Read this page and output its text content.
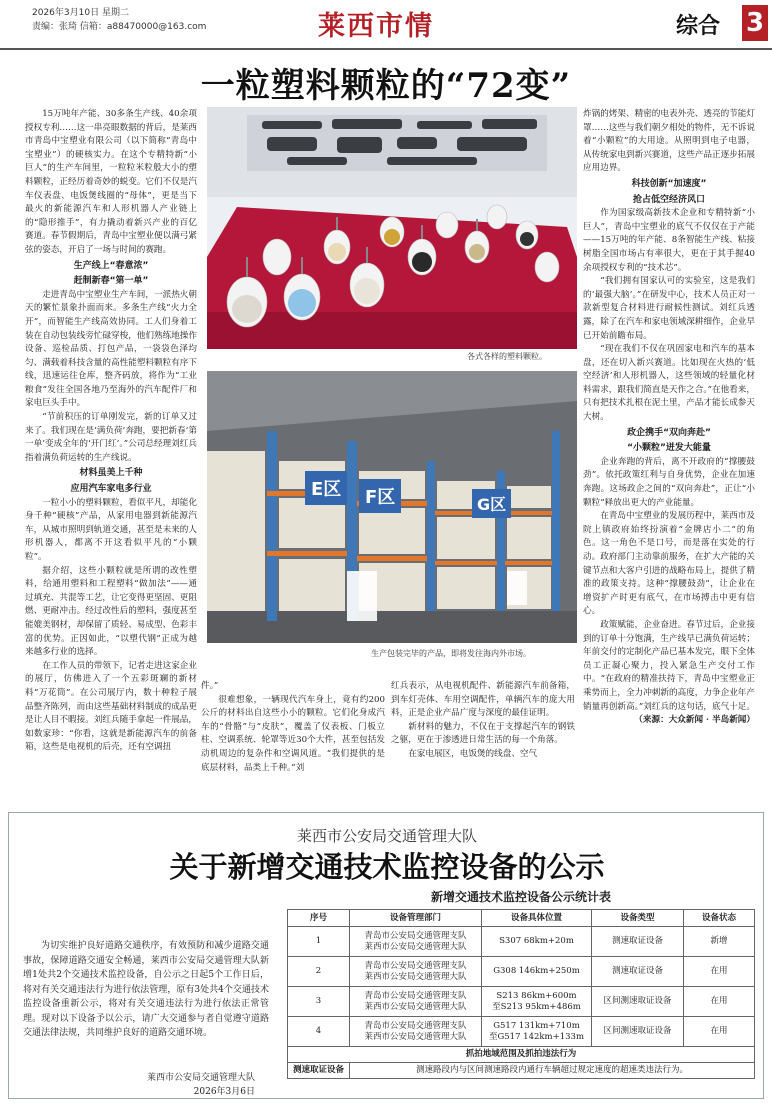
2026年3月10日 星期二
责编：张琦 信箱：a88470000@163.com	莱西市情	综合 3
一粒塑料颗粒的“72变”

15万吨年产能、30多条生产线、40余项授权专利……这一串亮眼数据的背后，是莱西市青岛中宝塑业有限公司（以下简称“青岛中宝塑业”）的硬核实力。在这个专精特新“小巨人”的生产车间里，一粒粒米粒般大小的塑料颗粒，正经历着奇妙的蜕变。它们不仅是汽车仪表盘、电饭煲线圈的“母体”，更是当下最火的新能源汽车和人形机器人产业链上的“隐形推手”，有力撬动着新兴产业的百亿赛道。春节假期后，青岛中宝塑业便以满弓紧弦的姿态，开启了一场与时间的赛跑。

生产线上“春意浓”
赶制新春“第一单”

走进青岛中宝塑业生产车间，一派热火朝天的繁忙景象扑面而来。多条生产线“火力全开”，而智能生产线高效协同。工人们身着工装在自动包装线旁忙碌穿梭，他们熟练地操作设备、巡检品质、打包产品，一袋袋色泽均匀、满载着科技含量的高性能塑料颗粒有序下线，迅速运往仓库，整齐码放，将作为“工业粮食”发往全国各地乃至海外的汽车配件厂和家电巨头手中。

“节前积压的订单刚发完，新的订单又过来了。我们现在是‘满负荷’奔跑，要把新春‘第一单’变成全年的‘开门红’。”公司总经理刘红兵指着满负荷运转的生产线说。

材料虽美上千种
应用汽车家电多行业

一粒小小的塑料颗粒，看似平凡，却能化身千种“硬核”产品，从家用电器到新能源汽车，从城市照明到轨道交通，甚至是未来的人形机器人，都离不开这看似平凡的“小颗粒”。

据介绍，这些小颗粒就是所谓的改性塑料，给通用塑料和工程塑料“做加法”——通过填充、共混等工艺，让它变得更坚固、更阻燃、更耐冲击。经过改性后的塑料，强度甚至能媲美钢材，却保留了质轻、易成型、色彩丰富的优势。正因如此，“以塑代钢”正成为越来越多行业的选择。

在工作人员的带领下，记者走进这家企业的展厅，仿佛进入了一个五彩斑斓的新材料“万花筒”。在公司展厅内，数十种粒子展品整齐陈列，而由这些基础材料制成的成品更是让人目不暇接。刘红兵随手拿起一件展品，如数家珍：“你看，这就是新能源汽车的前备箱，这些是电视机的后壳，还有空调扭

各式各样的塑料颗粒。
E区	F区	G区
生产包装完毕的产品，即将发往海内外市场。

件。”

很难想象，一辆现代汽车身上，竟有约200公斤的材料出自这些小小的颗粒。它们化身成汽车的“骨骼”与“皮肤”，覆盖了仪表板、门板立柱、空调系统、轮罩等近30个大件，甚至包括发动机周边的复杂件和空调风道。“我们提供的是底层材料，品类上千种。”刘

红兵表示，从电视机配件、新能源汽车前备箱，到车灯壳体、车用空调配件，单辆汽车的庞大用料，正是企业产品广度与深度的最佳证明。

新材料的魅力，不仅在于支撑起汽车的钢铁之躯，更在于渗透进日常生活的每一个角落。

在家电展区，电饭煲的线盘、空气

炸锅的烤架、精密的电表外壳、透亮的节能灯罩……这些与我们朝夕相处的物件，无不诉说着“小颗粒”的大用途。从照明到电子电器，从传统家电到新兴赛道，这些产品正逐步拓展应用边界。

科技创新“加速度”
抢占低空经济风口

作为国家级高新技术企业和专精特新“小巨人”，青岛中宝塑业的底气不仅仅在于产能——15万吨的年产能、8条智能生产线、粘接树脂全国市场占有率很大，更在于其手握40余项授权专利的“技术芯”。

“我们拥有国家认可的实验室，这是我们的‘最强大脑’。”在研发中心，技术人员正对一款新型复合材料进行耐候性测试。刘红兵透露，除了在汽车和家电领域深耕细作，企业早已开始前瞻布局。

“现在我们不仅在巩固家电和汽车的基本盘，还在切入新兴赛道。比如现在火热的‘低空经济’和人形机器人，这些领域的轻量化材料需求，跟我们简直是天作之合。”在他看来，只有把技术扎根在泥土里，产品才能长成参天大树。

政企携手“双向奔赴”
“小颗粒”迸发大能量

企业奔跑的背后，离不开政府的“撑腰鼓劲”。依托政策红利与自身优势，企业在加速奔跑。这场政企之间的“双向奔赴”，正让“小颗粒”释放出更大的产业能量。

在青岛中宝塑业的发展历程中，莱西市及院上镇政府始终扮演着“金牌店小二”的角色。这一角色不是口号，而是落在实处的行动。政府部门主动靠前服务，在扩大产能的关键节点和大客户引进的战略布局上，提供了精准的政策支持。这种“撑腰鼓劲”，让企业在增资扩产时更有底气，在市场搏击中更有信心。

政策赋能，企业奋进。春节过后，企业接到的订单十分饱满，生产线早已满负荷运转；年前交付的定制化产品已基本发完，眼下全体员工正凝心聚力，投入紧急生产交付工作中。“在政府的精准扶持下，青岛中宝塑业正乘势而上，全力冲刺新的高度，力争企业年产销量再创新高。”刘红兵的这句话，底气十足。

（来源：大众新闻 · 半岛新闻）

莱西市公安局交通管理大队
关于新增交通技术监控设备的公示

为切实维护良好道路交通秩序，有效预防和减少道路交通事故，保障道路交通安全畅通，莱西市公安局交通管理大队新增1处共2个交通技术监控设备，自公示之日起5个工作日后，将对有关交通违法行为进行依法管理，原有3处共4个交通技术监控设备重新公示，将对有关交通违法行为进行依法正常管理。现对以下设备予以公示，请广大交通参与者自觉遵守道路交通法律法规，共同维护良好的道路交通环境。

莱西市公安局交通管理大队
2026年3月6日
新增交通技术监控设备公示统计表
序号	设备管理部门	设备具体位置	设备类型	设备状态
1	青岛市公安局交通管理支队
莱西市公安局交通管理大队	S307 68km+20m	测速取证设备	新增
2	青岛市公安局交通管理支队
莱西市公安局交通管理大队	G308 146km+250m	测速取证设备	在用
3	青岛市公安局交通管理支队
莱西市公安局交通管理大队	S213 86km+600m
至S213 95km+486m	区间测速取证设备	在用
4	青岛市公安局交通管理支队
莱西市公安局交通管理大队	G517 131km+710m
至G517 142km+133m	区间测速取证设备	在用
抓拍地域范围及抓拍违法行为				
测速取证设备	测速路段内与区间测速路段内通行车辆超过规定速度的超速类违法行为。			
